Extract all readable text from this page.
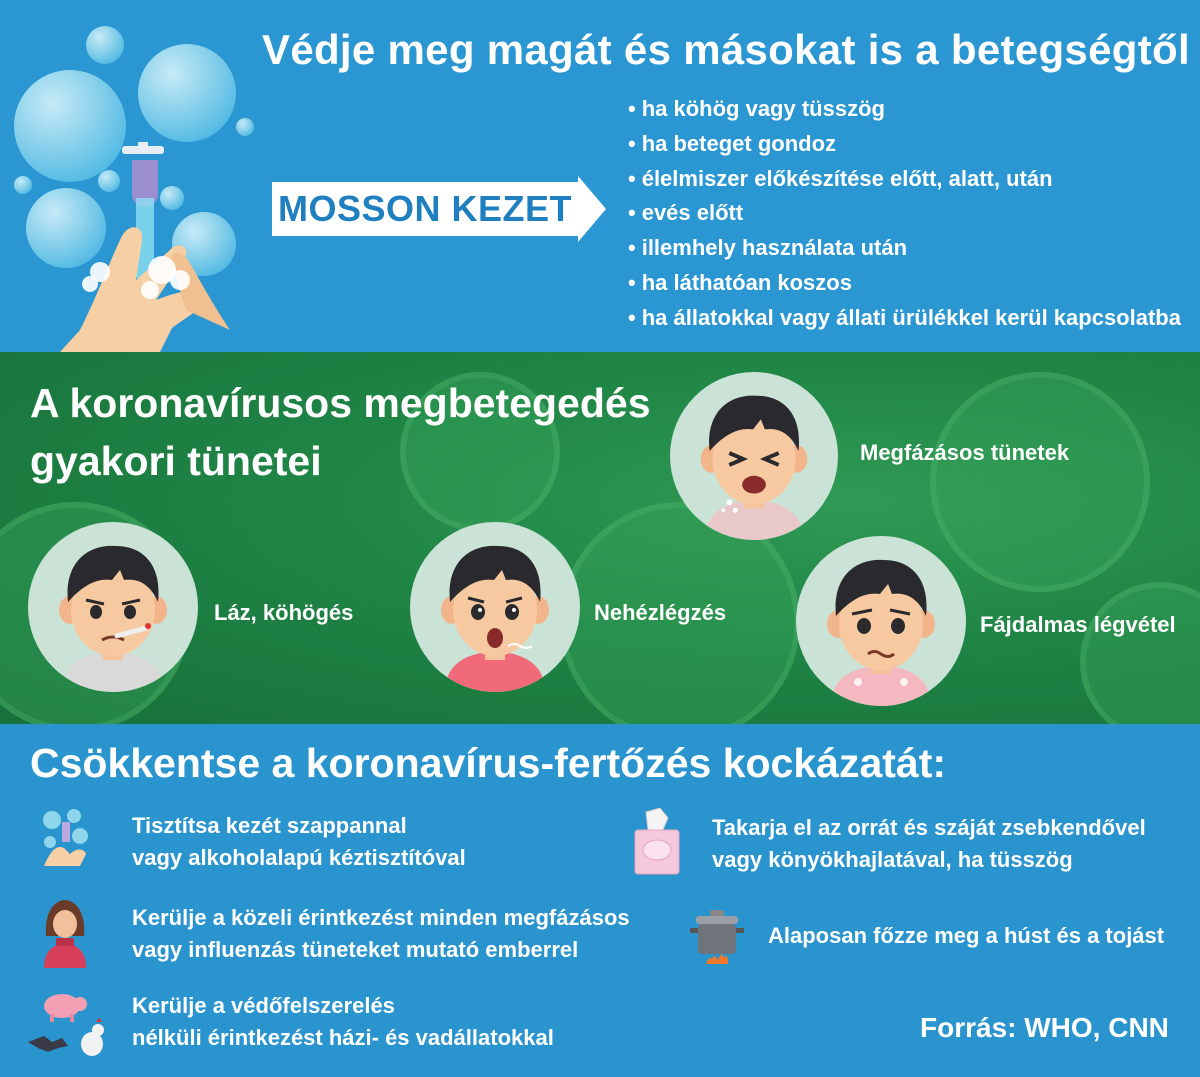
Védje meg magát és másokat is a betegségtől
MOSSON KEZET
• ha köhög vagy tüsszög
• ha beteget gondoz
• élelmiszer előkészítése előtt, alatt, után
• evés előtt
• illemhely használata után
• ha láthatóan koszos
• ha állatokkal vagy állati ürülékkel kerül kapcsolatba
A koronavírusos megbetegedés
gyakori tünetei	Megfázásos tünetek
Láz, köhögés	Nehézlégzés	Fájdalmas légvétel
Csökkentse a koronavírus-fertőzés kockázatát:
Tisztítsa kezét szappannal
vagy alkoholalapú kéztisztítóval
Takarja el az orrát és száját zsebkendővel
vagy könyökhajlatával, ha tüsszög
Kerülje a közeli érintkezést minden megfázásos
vagy influenzás tüneteket mutató emberrel
Alaposan főzze meg a húst és a tojást
Kerülje a védőfelszerelés
nélküli érintkezést házi- és vadállatokkal	Forrás: WHO, CNN
